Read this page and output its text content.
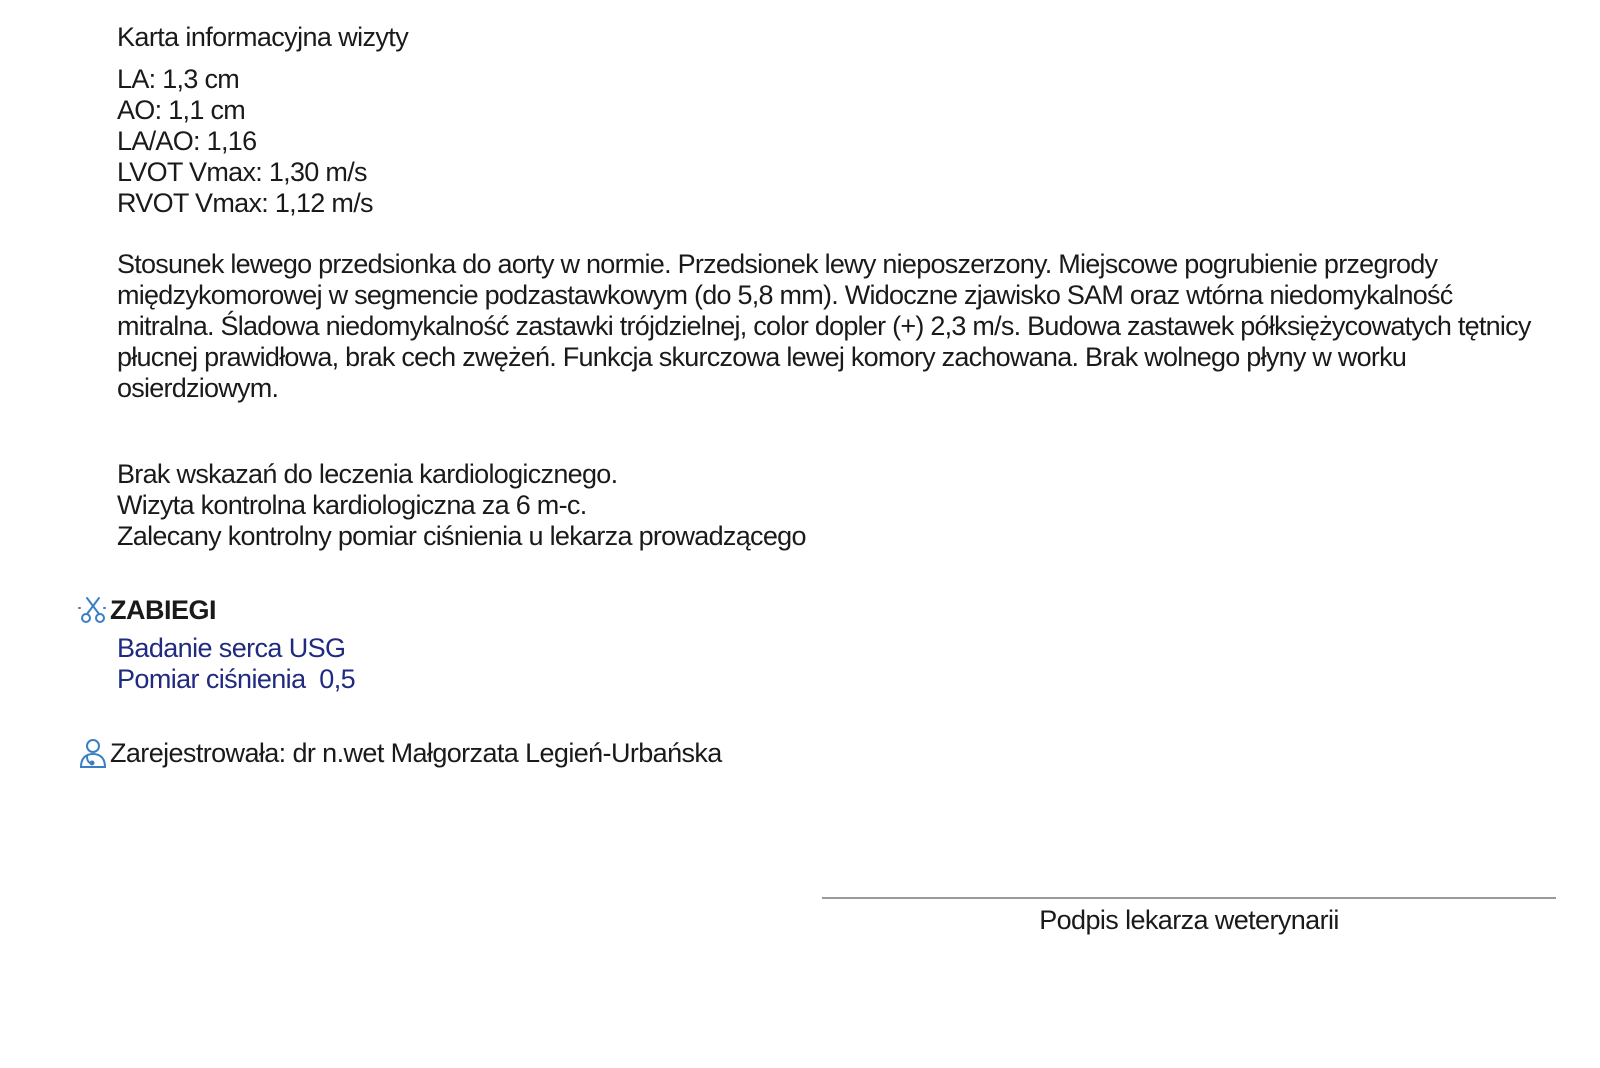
Karta informacyjna wizyty
LA: 1,3 cm
AO: 1,1 cm
LA/AO: 1,16
LVOT Vmax: 1,30 m/s
RVOT Vmax: 1,12 m/s

Stosunek lewego przedsionka do aorty w normie. Przedsionek lewy nieposzerzony. Miejscowe pogrubienie przegrody międzykomorowej w segmencie podzastawkowym (do 5,8 mm). Widoczne zjawisko SAM oraz wtórna niedomykalność mitralna. Śladowa niedomykalność zastawki trójdzielnej, color dopler (+) 2,3 m/s. Budowa zastawek półksiężycowatych tętnicy płucnej prawidłowa, brak cech zwężeń. Funkcja skurczowa lewej komory zachowana. Brak wolnego płyny w worku osierdziowym.

Brak wskazań do leczenia kardiologicznego.
Wizyta kontrolna kardiologiczna za 6 m-c.
Zalecany kontrolny pomiar ciśnienia u lekarza prowadzącego
ZABIEGI
Badanie serca USG
Pomiar ciśnienia  0,5
Zarejestrowała: dr n.wet Małgorzata Legień-Urbańska
Podpis lekarza weterynarii
